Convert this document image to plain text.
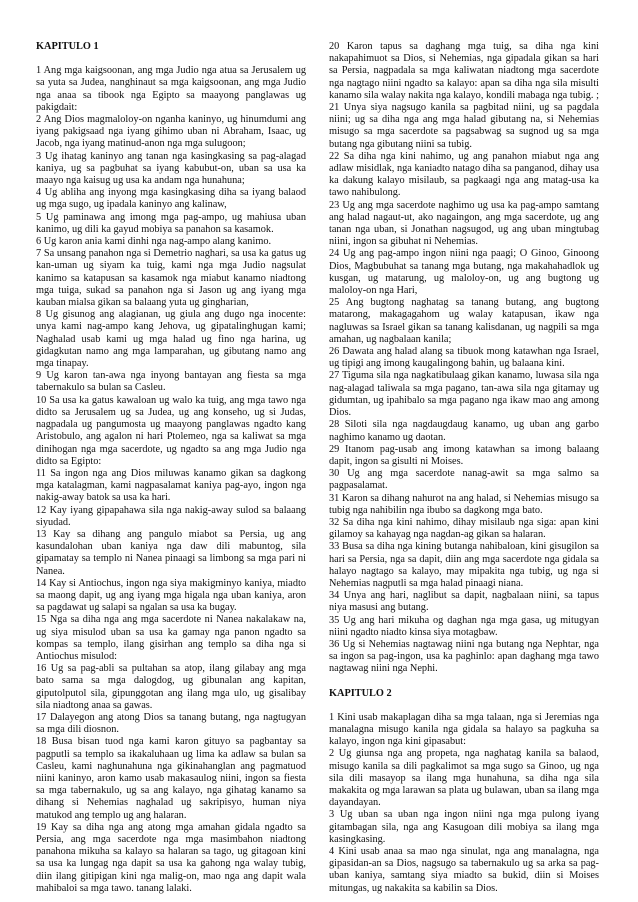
KAPITULO 1

1 Ang mga kaigsoonan, ang mga Judio nga atua sa Jerusalem ug sa yuta sa Judea, nanghinaut sa mga kaigsoonan, ang mga Judio nga anaa sa tibook nga Egipto sa maayong panglawas ug pakigdait:

2 Ang Dios magmaloloy-on nganha kaninyo, ug hinumdumi ang iyang pakigsaad nga iyang gihimo uban ni Abraham, Isaac, ug Jacob, nga iyang matinud-anon nga mga sulugoon;

3 Ug ihatag kaninyo ang tanan nga kasingkasing sa pag-alagad kaniya, ug sa pagbuhat sa iyang kabubut-on, uban sa usa ka maayo nga kaisug ug usa ka andam nga hunahuna;

4 Ug abliha ang inyong mga kasingkasing diha sa iyang balaod ug mga sugo, ug ipadala kaninyo ang kalinaw,

5 Ug paminawa ang imong mga pag-ampo, ug mahiusa uban kanimo, ug dili ka gayud mobiya sa panahon sa kasamok.

6 Ug karon ania kami dinhi nga nag-ampo alang kanimo.

7 Sa unsang panahon nga si Demetrio naghari, sa usa ka gatus ug kan-uman ug siyam ka tuig, kami nga mga Judio nagsulat kanimo sa katapusan sa kasamok nga miabut kanamo niadtong mga tuiga, sukad sa panahon nga si Jason ug ang iyang mga kauban mialsa gikan sa balaang yuta ug gingharian,

8 Ug gisunog ang alagianan, ug giula ang dugo nga inocente: unya kami nag-ampo kang Jehova, ug gipatalinghugan kami; Naghalad usab kami ug mga halad ug fino nga harina, ug gidagkutan namo ang mga lamparahan, ug gibutang namo ang mga tinapay.

9 Ug karon tan-awa nga inyong bantayan ang fiesta sa mga tabernakulo sa bulan sa Casleu.

10 Sa usa ka gatus kawaloan ug walo ka tuig, ang mga tawo nga didto sa Jerusalem ug sa Judea, ug ang konseho, ug si Judas, nagpadala ug pangumosta ug maayong panglawas ngadto kang Aristobulo, ang agalon ni hari Ptolemeo, nga sa kaliwat sa mga dinihogan nga mga sacerdote, ug ngadto sa ang mga Judio nga didto sa Egipto:

11 Sa ingon nga ang Dios miluwas kanamo gikan sa dagkong mga katalagman, kami nagpasalamat kaniya pag-ayo, ingon nga nakig-away batok sa usa ka hari.

12 Kay iyang gipapahawa sila nga nakig-away sulod sa balaang siyudad.

13 Kay sa dihang ang pangulo miabot sa Persia, ug ang kasundalohan uban kaniya nga daw dili mabuntog, sila gipamatay sa templo ni Nanea pinaagi sa limbong sa mga pari ni Nanea.

14 Kay si Antiochus, ingon nga siya makigminyo kaniya, miadto sa maong dapit, ug ang iyang mga higala nga uban kaniya, aron sa pagdawat ug salapi sa ngalan sa usa ka bugay.

15 Nga sa diha nga ang mga sacerdote ni Nanea nakalakaw na, ug siya misulod uban sa usa ka gamay nga panon ngadto sa kompas sa templo, ilang gisirhan ang templo sa diha nga si Antiochus misulod:

16 Ug sa pag-abli sa pultahan sa atop, ilang gilabay ang mga bato sama sa mga dalogdog, ug gibunalan ang kapitan, giputolputol sila, gipunggotan ang ilang mga ulo, ug gisalibay sila niadtong anaa sa gawas.

17 Dalayegon ang atong Dios sa tanang butang, nga nagtugyan sa mga dili diosnon.

18 Busa bisan tuod nga kami karon gituyo sa pagbantay sa pagputli sa templo sa ikakaluhaan ug lima ka adlaw sa bulan sa Casleu, kami naghunahuna nga gikinahanglan ang pagmatuod niini kaninyo, aron kamo usab makasaulog niini, ingon sa fiesta sa mga tabernakulo, ug sa ang kalayo, nga gihatag kanamo sa dihang si Nehemias naghalad ug sakripisyo, human niya matukod ang templo ug ang halaran.

19 Kay sa diha nga ang atong mga amahan gidala ngadto sa Persia, ang mga sacerdote nga mga masimbahon niadtong panahona mikuha sa kalayo sa halaran sa tago, ug gitagoan kini sa usa ka lungag nga dapit sa usa ka gahong nga walay tubig, diin ilang gitipigan kini nga malig-on, mao nga ang dapit wala mahibaloi sa mga tawo. tanang lalaki.

20 Karon tapus sa daghang mga tuig, sa diha nga kini nakapahimuot sa Dios, si Nehemias, nga gipadala gikan sa hari sa Persia, nagpadala sa mga kaliwatan niadtong mga sacerdote nga nagtago niini ngadto sa kalayo: apan sa diha nga sila misulti kanamo sila walay nakita nga kalayo, kondili mabaga nga tubig. ;

21 Unya siya nagsugo kanila sa pagbitad niini, ug sa pagdala niini; ug sa diha nga ang mga halad gibutang na, si Nehemias misugo sa mga sacerdote sa pagsabwag sa sugnod ug sa mga butang nga gibutang niini sa tubig.

22 Sa diha nga kini nahimo, ug ang panahon miabut nga ang adlaw misidlak, nga kaniadto natago diha sa panganod, dihay usa ka dakung kalayo misilaub, sa pagkaagi nga ang matag-usa ka tawo nahibulong.

23 Ug ang mga sacerdote naghimo ug usa ka pag-ampo samtang ang halad nagaut-ut, ako nagaingon, ang mga sacerdote, ug ang tanan nga uban, si Jonathan nagsugod, ug ang uban mingtubag niini, ingon sa gibuhat ni Nehemias.

24 Ug ang pag-ampo ingon niini nga paagi; O Ginoo, Ginoong Dios, Magbubuhat sa tanang mga butang, nga makahahadlok ug kusgan, ug matarung, ug maloloy-on, ug ang bugtong ug maloloy-on nga Hari,

25 Ang bugtong naghatag sa tanang butang, ang bugtong matarong, makagagahom ug walay katapusan, ikaw nga nagluwas sa Israel gikan sa tanang kalisdanan, ug nagpili sa mga amahan, ug nagbalaan kanila;

26 Dawata ang halad alang sa tibuok mong katawhan nga Israel, ug tipigi ang imong kaugalingong bahin, ug balaana kini.

27 Tiguma sila nga nagkatibulaag gikan kanamo, luwasa sila nga nag-alagad taliwala sa mga pagano, tan-awa sila nga gitamay ug gidumtan, ug ipahibalo sa mga pagano nga ikaw mao ang among Dios.

28 Siloti sila nga nagdaugdaug kanamo, ug uban ang garbo naghimo kanamo ug daotan.

29 Itanom pag-usab ang imong katawhan sa imong balaang dapit, ingon sa gisulti ni Moises.

30 Ug ang mga sacerdote nanag-awit sa mga salmo sa pagpasalamat.

31 Karon sa dihang nahurot na ang halad, si Nehemias misugo sa tubig nga nahibilin nga ibubo sa dagkong mga bato.

32 Sa diha nga kini nahimo, dihay misilaub nga siga: apan kini gilamoy sa kahayag nga nagdan-ag gikan sa halaran.

33 Busa sa diha nga kining butanga nahibaloan, kini gisugilon sa hari sa Persia, nga sa dapit, diin ang mga sacerdote nga gidala sa halayo nagtago sa kalayo, may mipakita nga tubig, ug nga si Nehemias nagputli sa mga halad pinaagi niana.

34 Unya ang hari, naglibut sa dapit, nagbalaan niini, sa tapus niya masusi ang butang.

35 Ug ang hari mikuha og daghan nga mga gasa, ug mitugyan niini ngadto niadto kinsa siya motagbaw.

36 Ug si Nehemias nagtawag niini nga butang nga Nephtar, nga sa ingon sa pag-ingon, usa ka paghinlo: apan daghang mga tawo nagtawag niini nga Nephi.

KAPITULO 2

1 Kini usab makaplagan diha sa mga talaan, nga si Jeremias nga manalagna misugo kanila nga gidala sa halayo sa pagkuha sa kalayo, ingon nga kini gipasabut:

2 Ug giunsa nga ang propeta, nga naghatag kanila sa balaod, misugo kanila sa dili pagkalimot sa mga sugo sa Ginoo, ug nga sila dili masayop sa ilang mga hunahuna, sa diha nga sila makakita og mga larawan sa plata ug bulawan, uban sa ilang mga dayandayan.

3 Ug uban sa uban nga ingon niini nga mga pulong iyang gitambagan sila, nga ang Kasugoan dili mobiya sa ilang mga kasingkasing.

4 Kini usab anaa sa mao nga sinulat, nga ang manalagna, nga gipasidan-an sa Dios, nagsugo sa tabernakulo ug sa arka sa pag-uban kaniya, samtang siya miadto sa bukid, diin si Moises mitungas, ug nakakita sa kabilin sa Dios.
